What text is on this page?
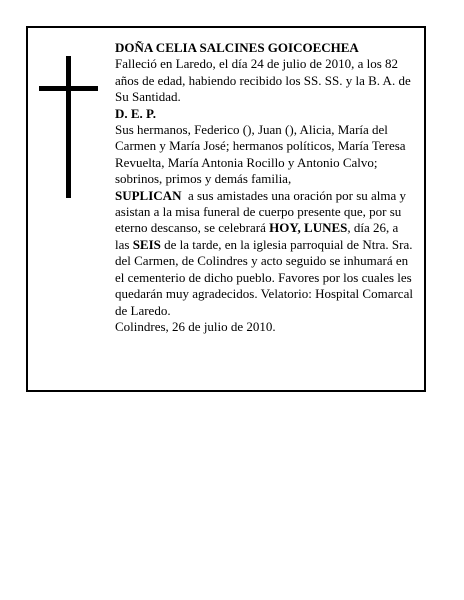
DOÑA CELIA SALCINES GOICOECHEA

Falleció en Laredo, el día 24 de julio de 2010, a los 82 años de edad, habiendo recibido los SS. SS. y la B. A. de Su Santidad.

D. E. P.

Sus hermanos, Federico (), Juan (), Alicia, María del Carmen y María José; hermanos políticos, María Teresa Revuelta, María Antonia Rocillo y Antonio Calvo; sobrinos, primos y demás familia,

SUPLICAN  a sus amistades una oración por su alma y asistan a la misa funeral de cuerpo presente que, por su eterno descanso, se celebrará HOY, LUNES, día 26, a las SEIS de la tarde, en la iglesia parroquial de Ntra. Sra. del Carmen, de Colindres y acto seguido se inhumará en el cementerio de dicho pueblo. Favores por los cuales les quedarán muy agradecidos. Velatorio: Hospital Comarcal de Laredo.

Colindres, 26 de julio de 2010.
